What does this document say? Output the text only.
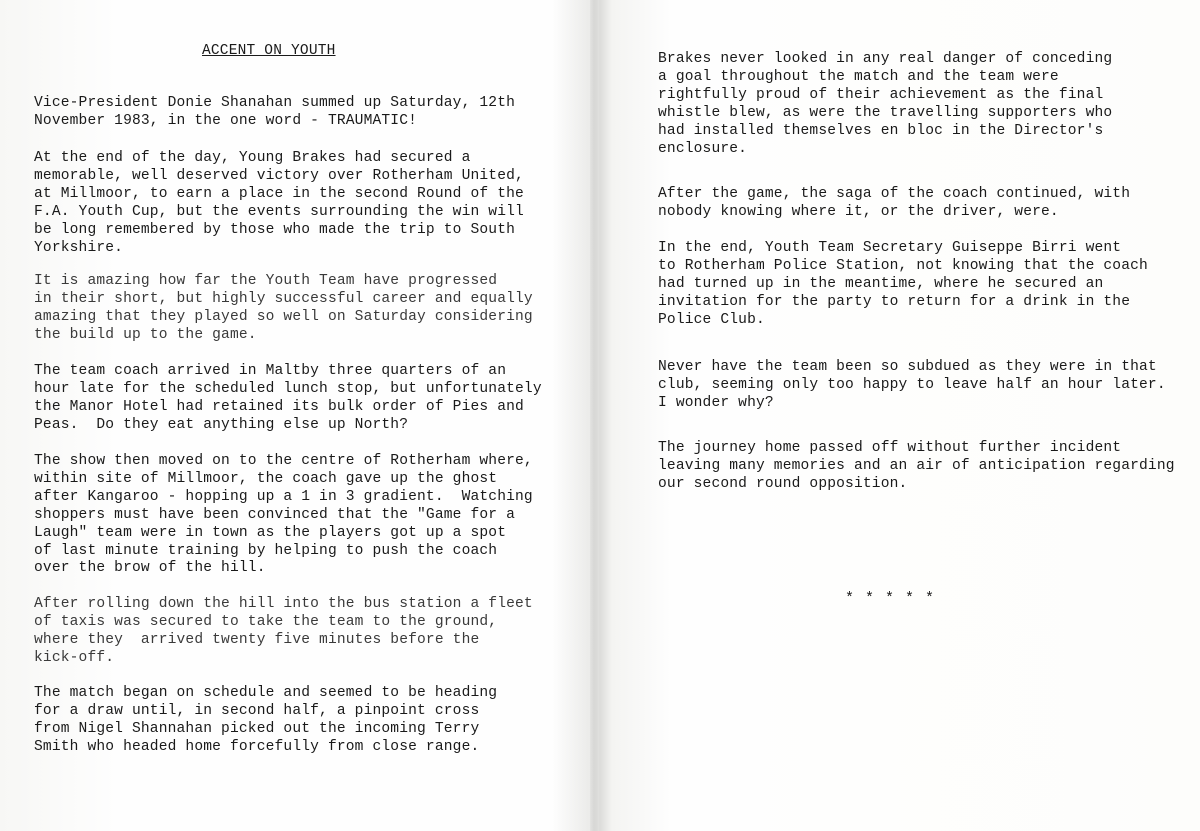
ACCENT ON YOUTH

Vice-President Donie Shanahan summed up Saturday, 12th
November 1983, in the one word - TRAUMATIC!

At the end of the day, Young Brakes had secured a
memorable, well deserved victory over Rotherham United,
at Millmoor, to earn a place in the second Round of the
F.A. Youth Cup, but the events surrounding the win will
be long remembered by those who made the trip to South
Yorkshire.

It is amazing how far the Youth Team have progressed
in their short, but highly successful career and equally
amazing that they played so well on Saturday considering
the build up to the game.

The team coach arrived in Maltby three quarters of an
hour late for the scheduled lunch stop, but unfortunately
the Manor Hotel had retained its bulk order of Pies and
Peas.  Do they eat anything else up North?

The show then moved on to the centre of Rotherham where,
within site of Millmoor, the coach gave up the ghost
after Kangaroo - hopping up a 1 in 3 gradient.  Watching
shoppers must have been convinced that the "Game for a
Laugh" team were in town as the players got up a spot
of last minute training by helping to push the coach
over the brow of the hill.

After rolling down the hill into the bus station a fleet
of taxis was secured to take the team to the ground,
where they  arrived twenty five minutes before the
kick-off.

The match began on schedule and seemed to be heading
for a draw until, in second half, a pinpoint cross
from Nigel Shannahan picked out the incoming Terry
Smith who headed home forcefully from close range.

Brakes never looked in any real danger of conceding
a goal throughout the match and the team were
rightfully proud of their achievement as the final
whistle blew, as were the travelling supporters who
had installed themselves en bloc in the Director's
enclosure.

After the game, the saga of the coach continued, with
nobody knowing where it, or the driver, were.

In the end, Youth Team Secretary Guiseppe Birri went
to Rotherham Police Station, not knowing that the coach
had turned up in the meantime, where he secured an
invitation for the party to return for a drink in the
Police Club.

Never have the team been so subdued as they were in that
club, seeming only too happy to leave half an hour later.
I wonder why?

The journey home passed off without further incident
leaving many memories and an air of anticipation regarding
our second round opposition.

* * * * *
